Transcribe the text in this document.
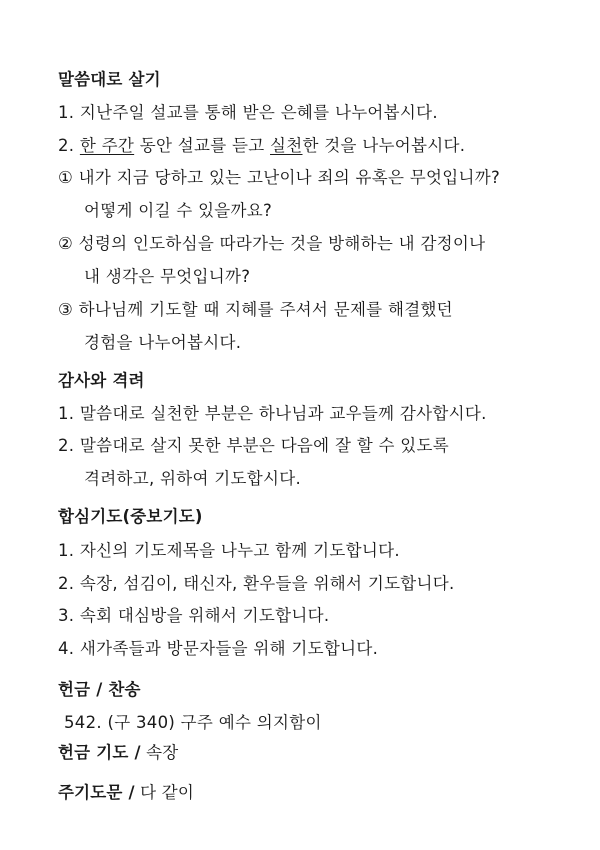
말씀대로 살기
1. 지난주일 설교를 통해 받은 은혜를 나누어봅시다.
2. 한 주간 동안 설교를 듣고 실천한 것을 나누어봅시다.
① 내가 지금 당하고 있는 고난이나 죄의 유혹은 무엇입니까?
어떻게 이길 수 있을까요?
② 성령의 인도하심을 따라가는 것을 방해하는 내 감정이나
내 생각은 무엇입니까?
③ 하나님께 기도할 때 지혜를 주셔서 문제를 해결했던
경험을 나누어봅시다.
감사와 격려
1. 말씀대로 실천한 부분은 하나님과 교우들께 감사합시다.
2. 말씀대로 살지 못한 부분은 다음에 잘 할 수 있도록
격려하고, 위하여 기도합시다.
합심기도(중보기도)
1. 자신의 기도제목을 나누고 함께 기도합니다.
2. 속장, 섬김이, 태신자, 환우들을 위해서 기도합니다.
3. 속회 대심방을 위해서 기도합니다.
4. 새가족들과 방문자들을 위해 기도합니다.
헌금 / 찬송
542. (구 340) 구주 예수 의지함이
헌금 기도 / 속장
주기도문 / 다 같이
